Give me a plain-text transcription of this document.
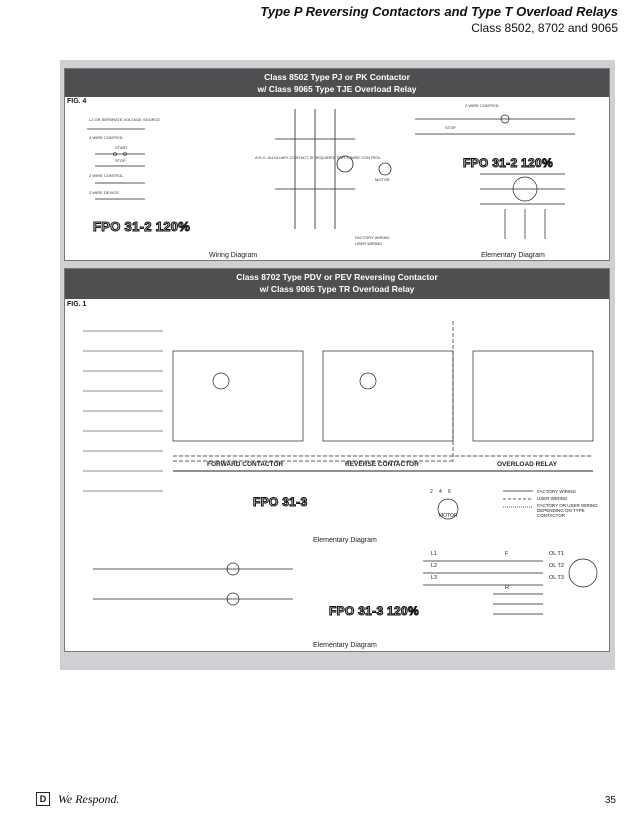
Type P Reversing Contactors and Type T Overload Relays
Class 8502, 8702 and 9065
Class 8502 Type PJ or PK Contactor
w/ Class 9065 Type TJE Overload Relay
FIG. 4
L2 OR SEPARATE VOLTAGE SOURCE
3 WIRE CONTROL
START
STOP
2 WIRE CONTROL
2 WIRE DEVICE
A N.O. AUXILIARY CONTACT IS REQUIRED FOR 3 WIRE CONTROL
MOTOR
FACTORY WIRING
USER WIRING
FPO 31-2 120%
Wiring Diagram
2 WIRE CONTROL
STOP
FPO 31-2 120%
Elementary Diagram
Class 8702 Type PDV or PEV Reversing Contactor
w/ Class 9065 Type TR Overload Relay
FIG. 1
FORWARD CONTACTOR	REVERSE CONTACTOR	OVERLOAD RELAY
MOTOR
FACTORY WIRING
USER WIRING
FACTORY OR USER WIRING DEPENDING ON TYPE CONTACTOR
FPO 31-3
Elementary Diagram
L1
L2
L3
OL T1
OL T2
OL T3
F
R
2 4 6
FPO 31-3 120%
Elementary Diagram
D We Respond.	35
